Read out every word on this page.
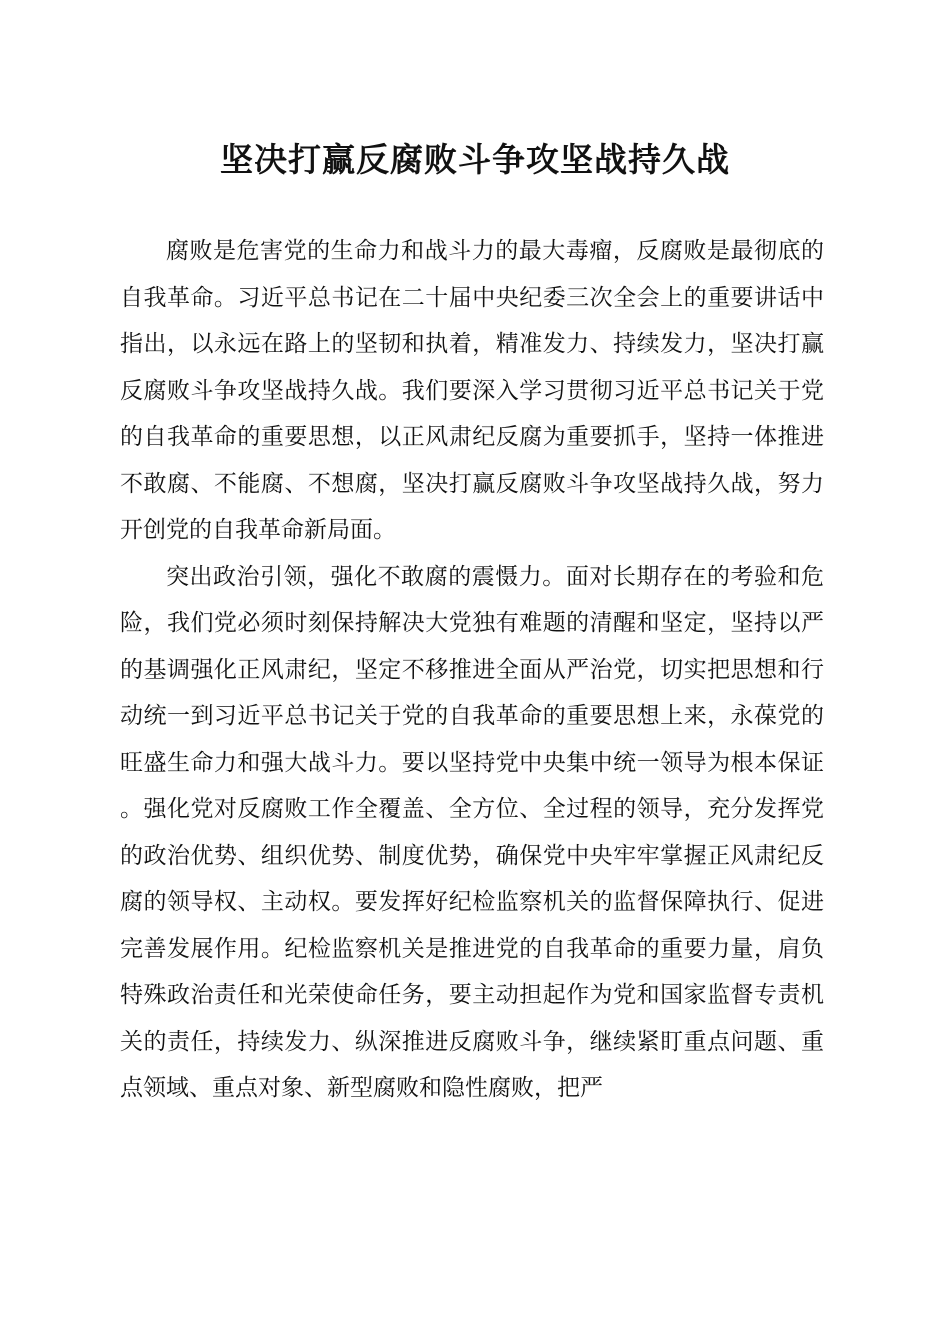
坚决打赢反腐败斗争攻坚战持久战

腐败是危害党的生命力和战斗力的最大毒瘤，反腐败是最彻底的自我革命。习近平总书记在二十届中央纪委三次全会上的重要讲话中指出，以永远在路上的坚韧和执着，精准发力、持续发力，坚决打赢反腐败斗争攻坚战持久战。我们要深入学习贯彻习近平总书记关于党的自我革命的重要思想，以正风肃纪反腐为重要抓手，坚持一体推进不敢腐、不能腐、不想腐，坚决打赢反腐败斗争攻坚战持久战，努力开创党的自我革命新局面。

突出政治引领，强化不敢腐的震慑力。面对长期存在的考验和危险，我们党必须时刻保持解决大党独有难题的清醒和坚定，坚持以严的基调强化正风肃纪，坚定不移推进全面从严治党，切实把思想和行动统一到习近平总书记关于党的自我革命的重要思想上来，永葆党的旺盛生命力和强大战斗力。要以坚持党中央集中统一领导为根本保证。强化党对反腐败工作全覆盖、全方位、全过程的领导，充分发挥党的政治优势、组织优势、制度优势，确保党中央牢牢掌握正风肃纪反腐的领导权、主动权。要发挥好纪检监察机关的监督保障执行、促进完善发展作用。纪检监察机关是推进党的自我革命的重要力量，肩负特殊政治责任和光荣使命任务，要主动担起作为党和国家监督专责机关的责任，持续发力、纵深推进反腐败斗争，继续紧盯重点问题、重点领域、重点对象、新型腐败和隐性腐败，把严
